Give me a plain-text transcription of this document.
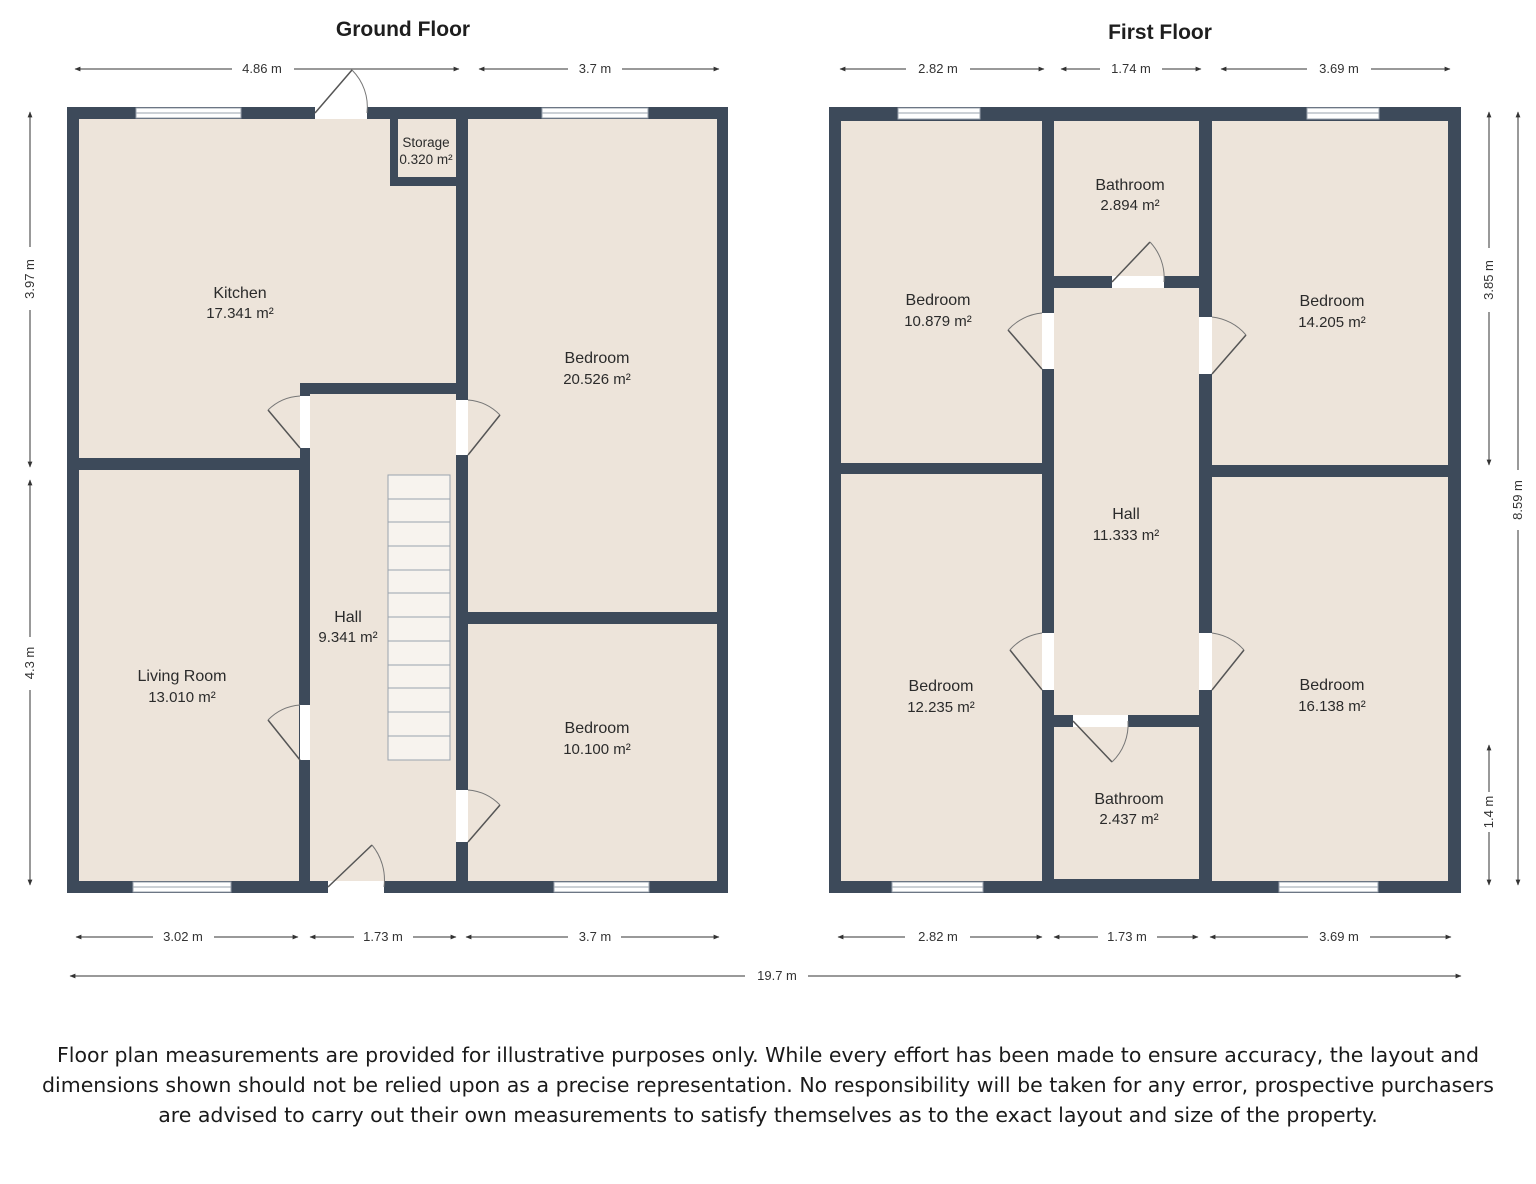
Ground Floor
Kitchen
17.341 m²
Storage
0.320 m²
Bedroom
20.526 m²
Hall
9.341 m²
Living Room
13.010 m²
Bedroom
10.100 m²
4.86 m	3.7 m
3.02 m	1.73 m	3.7 m
3.97 m
4.3 m
First Floor
Bedroom
10.879 m²
Bathroom
2.894 m²
Bedroom
14.205 m²
Hall
11.333 m²
Bedroom
12.235 m²
Bathroom
2.437 m²
Bedroom
16.138 m²
2.82 m	1.74 m	3.69 m
2.82 m	1.73 m	3.69 m
3.85 m
8.59 m
1.4 m
19.7 m

Floor plan measurements are provided for illustrative purposes only. While every effort has been made to ensure accuracy, the layout and dimensions shown should not be relied upon as a precise representation. No responsibility will be taken for any error, prospective purchasers are advised to carry out their own measurements to satisfy themselves as to the exact layout and size of the property.
